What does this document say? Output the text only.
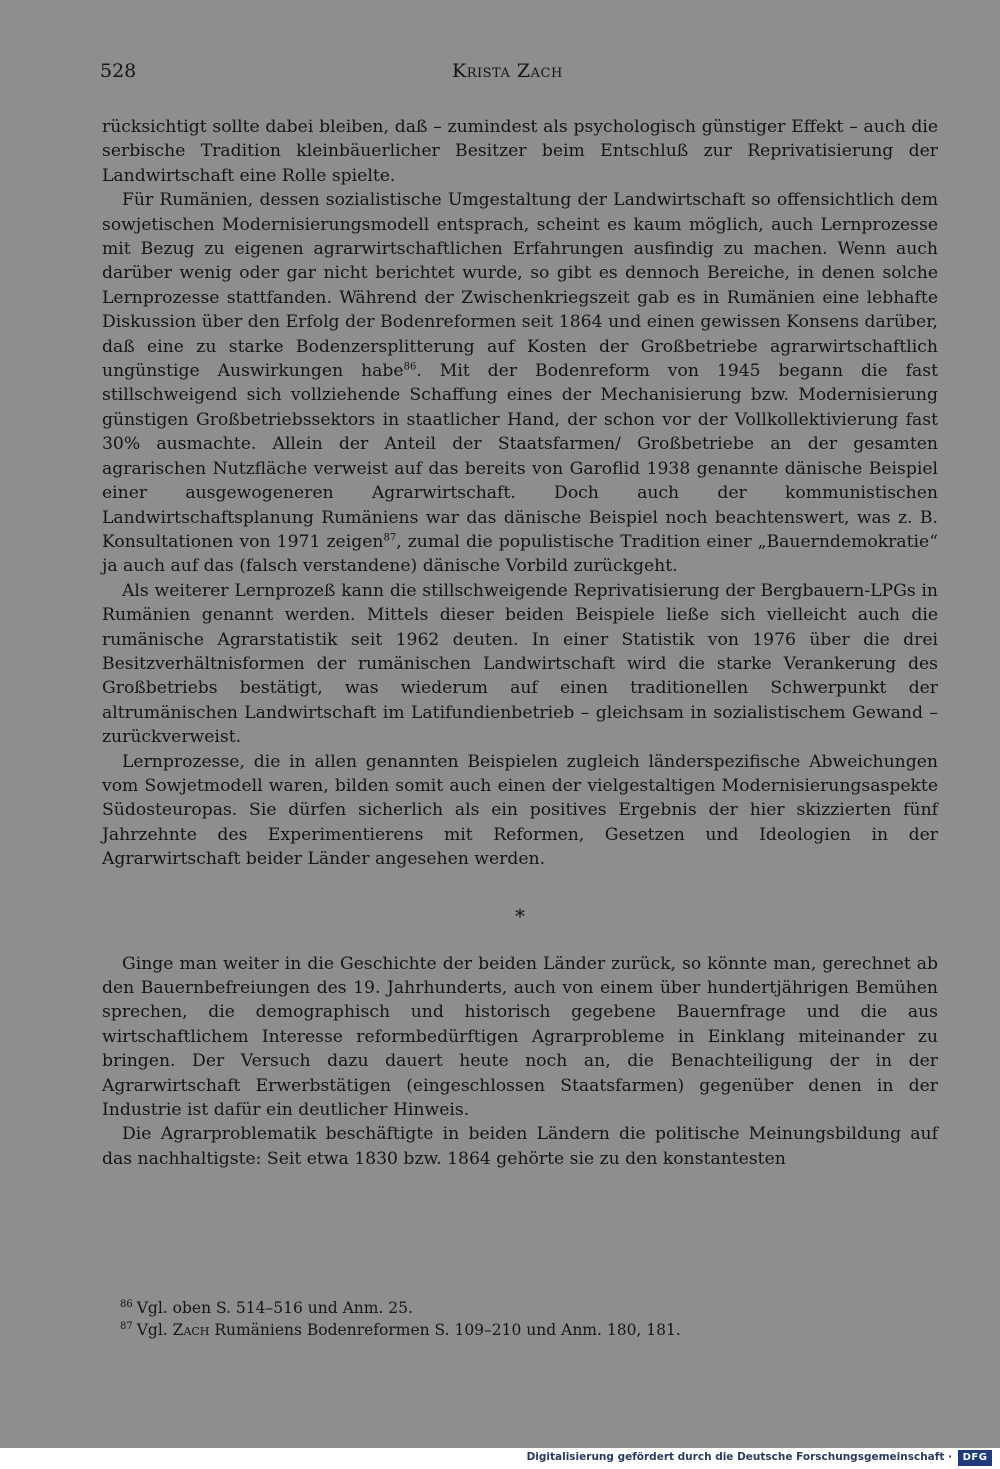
528	Krista Zach

rücksichtigt sollte dabei bleiben, daß – zumindest als psychologisch günstiger Effekt – auch die serbische Tradition kleinbäuerlicher Besitzer beim Entschluß zur Reprivatisierung der Landwirtschaft eine Rolle spielte.

Für Rumänien, dessen sozialistische Umgestaltung der Landwirtschaft so offensichtlich dem sowjetischen Modernisierungsmodell entsprach, scheint es kaum möglich, auch Lernprozesse mit Bezug zu eigenen agrarwirtschaftlichen Erfahrungen ausfindig zu machen. Wenn auch darüber wenig oder gar nicht berichtet wurde, so gibt es dennoch Bereiche, in denen solche Lernprozesse stattfanden. Während der Zwischenkriegszeit gab es in Rumänien eine lebhafte Diskussion über den Erfolg der Bodenreformen seit 1864 und einen gewissen Konsens darüber, daß eine zu starke Bodenzersplitterung auf Kosten der Großbetriebe agrarwirtschaftlich ungünstige Auswirkungen habe$^{86}$. Mit der Bodenreform von 1945 begann die fast stillschweigend sich vollziehende Schaffung eines der Mechanisierung bzw. Modernisierung günstigen Großbetriebssektors in staatlicher Hand, der schon vor der Vollkollektivierung fast 30% ausmachte. Allein der Anteil der Staatsfarmen/ Großbetriebe an der gesamten agrarischen Nutzfläche verweist auf das bereits von Garoflid 1938 genannte dänische Beispiel einer ausgewogeneren Agrarwirtschaft. Doch auch der kommunistischen Landwirtschaftsplanung Rumäniens war das dänische Beispiel noch beachtenswert, was z. B. Konsultationen von 1971 zeigen$^{87}$, zumal die populistische Tradition einer „Bauerndemokratie“ ja auch auf das (falsch verstandene) dänische Vorbild zurückgeht.

Als weiterer Lernprozeß kann die stillschweigende Reprivatisierung der Bergbauern-LPGs in Rumänien genannt werden. Mittels dieser beiden Beispiele ließe sich vielleicht auch die rumänische Agrarstatistik seit 1962 deuten. In einer Statistik von 1976 über die drei Besitzverhältnisformen der rumänischen Landwirtschaft wird die starke Verankerung des Großbetriebs bestätigt, was wiederum auf einen traditionellen Schwerpunkt der altrumänischen Landwirtschaft im Latifundienbetrieb – gleichsam in sozialistischem Gewand – zurückverweist.

Lernprozesse, die in allen genannten Beispielen zugleich länderspezifische Abweichungen vom Sowjetmodell waren, bilden somit auch einen der vielgestaltigen Modernisierungsaspekte Südosteuropas. Sie dürfen sicherlich als ein positives Ergebnis der hier skizzierten fünf Jahrzehnte des Experimentierens mit Reformen, Gesetzen und Ideologien in der Agrarwirtschaft beider Länder angesehen werden.

*

Ginge man weiter in die Geschichte der beiden Länder zurück, so könnte man, gerechnet ab den Bauernbefreiungen des 19. Jahrhunderts, auch von einem über hundertjährigen Bemühen sprechen, die demographisch und historisch gegebene Bauernfrage und die aus wirtschaftlichem Interesse reformbedürftigen Agrarprobleme in Einklang miteinander zu bringen. Der Versuch dazu dauert heute noch an, die Benachteiligung der in der Agrarwirtschaft Erwerbstätigen (eingeschlossen Staatsfarmen) gegenüber denen in der Industrie ist dafür ein deutlicher Hinweis.

Die Agrarproblematik beschäftigte in beiden Ländern die politische Meinungsbildung auf das nachhaltigste: Seit etwa 1830 bzw. 1864 gehörte sie zu den konstantesten

$^{86}$ Vgl. oben S. 514–516 und Anm. 25.

$^{87}$ Vgl. Zach Rumäniens Bodenreformen S. 109–210 und Anm. 180, 181.

Digitalisierung gefördert durch die Deutsche Forschungsgemeinschaft ·	DFG
